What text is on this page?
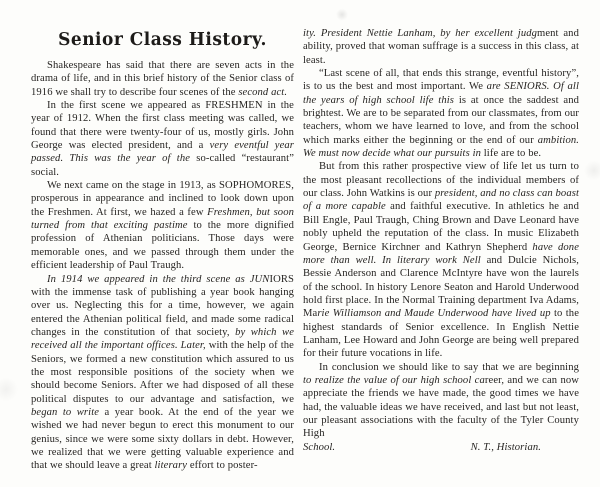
Senior Class History.

Shakespeare has said that there are seven acts in the drama of life, and in this brief history of the Senior class of 1916 we shall try to describe four scenes of the second act.

In the first scene we appeared as FRESHMEN in the year of 1912. When the first class meeting was called, we found that there were twenty-four of us, mostly girls. John George was elected president, and a very eventful year passed. This was the year of the so-called “restaurant” social.

We next came on the stage in 1913, as SOPHOMORES, prosperous in appearance and inclined to look down upon the Freshmen. At first, we hazed a few Freshmen, but soon turned from that exciting pastime to the more dignified profession of Athenian politicians. Those days were memorable ones, and we passed through them under the efficient leadership of Paul Traugh.

In 1914 we appeared in the third scene as JUNIORS with the immense task of publishing a year book hanging over us. Neglecting this for a time, however, we again entered the Athenian political field, and made some radical changes in the constitution of that society, by which we received all the important offices. Later, with the help of the Seniors, we formed a new constitution which assured to us the most responsible positions of the society when we should become Seniors. After we had disposed of all these political disputes to our advantage and satisfaction, we began to write a year book. At the end of the year we wished we had never begun to erect this monument to our genius, since we were some sixty dollars in debt. However, we realized that we were getting valuable experience and that we should leave a great literary effort to poster-

ity. President Nettie Lanham, by her excellent judgment and ability, proved that woman suffrage is a success in this class, at least.

“Last scene of all, that ends this strange, eventful history”, is to us the best and most important. We are SENIORS. Of all the years of high school life this is at once the saddest and brightest. We are to be separated from our classmates, from our teachers, whom we have learned to love, and from the school which marks either the beginning or the end of our ambition. We must now decide what our pursuits in life are to be.

But from this rather prospective view of life let us turn to the most pleasant recollections of the individual members of our class. John Watkins is our president, and no class can boast of a more capable and faithful executive. In athletics he and Bill Engle, Paul Traugh, Ching Brown and Dave Leonard have nobly upheld the reputation of the class. In music Elizabeth George, Bernice Kirchner and Kathryn Shepherd have done more than well. In literary work Nell and Dulcie Nichols, Bessie Anderson and Clarence McIntyre have won the laurels of the school. In history Lenore Seaton and Harold Underwood hold first place. In the Normal Training department Iva Adams, Marie Williamson and Maude Underwood have lived up to the highest standards of Senior excellence. In English Nettie Lanham, Lee Howard and John George are being well prepared for their future vocations in life.

In conclusion we should like to say that we are beginning to realize the value of our high school career, and we can now appreciate the friends we have made, the good times we have had, the valuable ideas we have received, and last but not least, our pleasant associations with the faculty of the Tyler County High

School.	N. T., Historian.
